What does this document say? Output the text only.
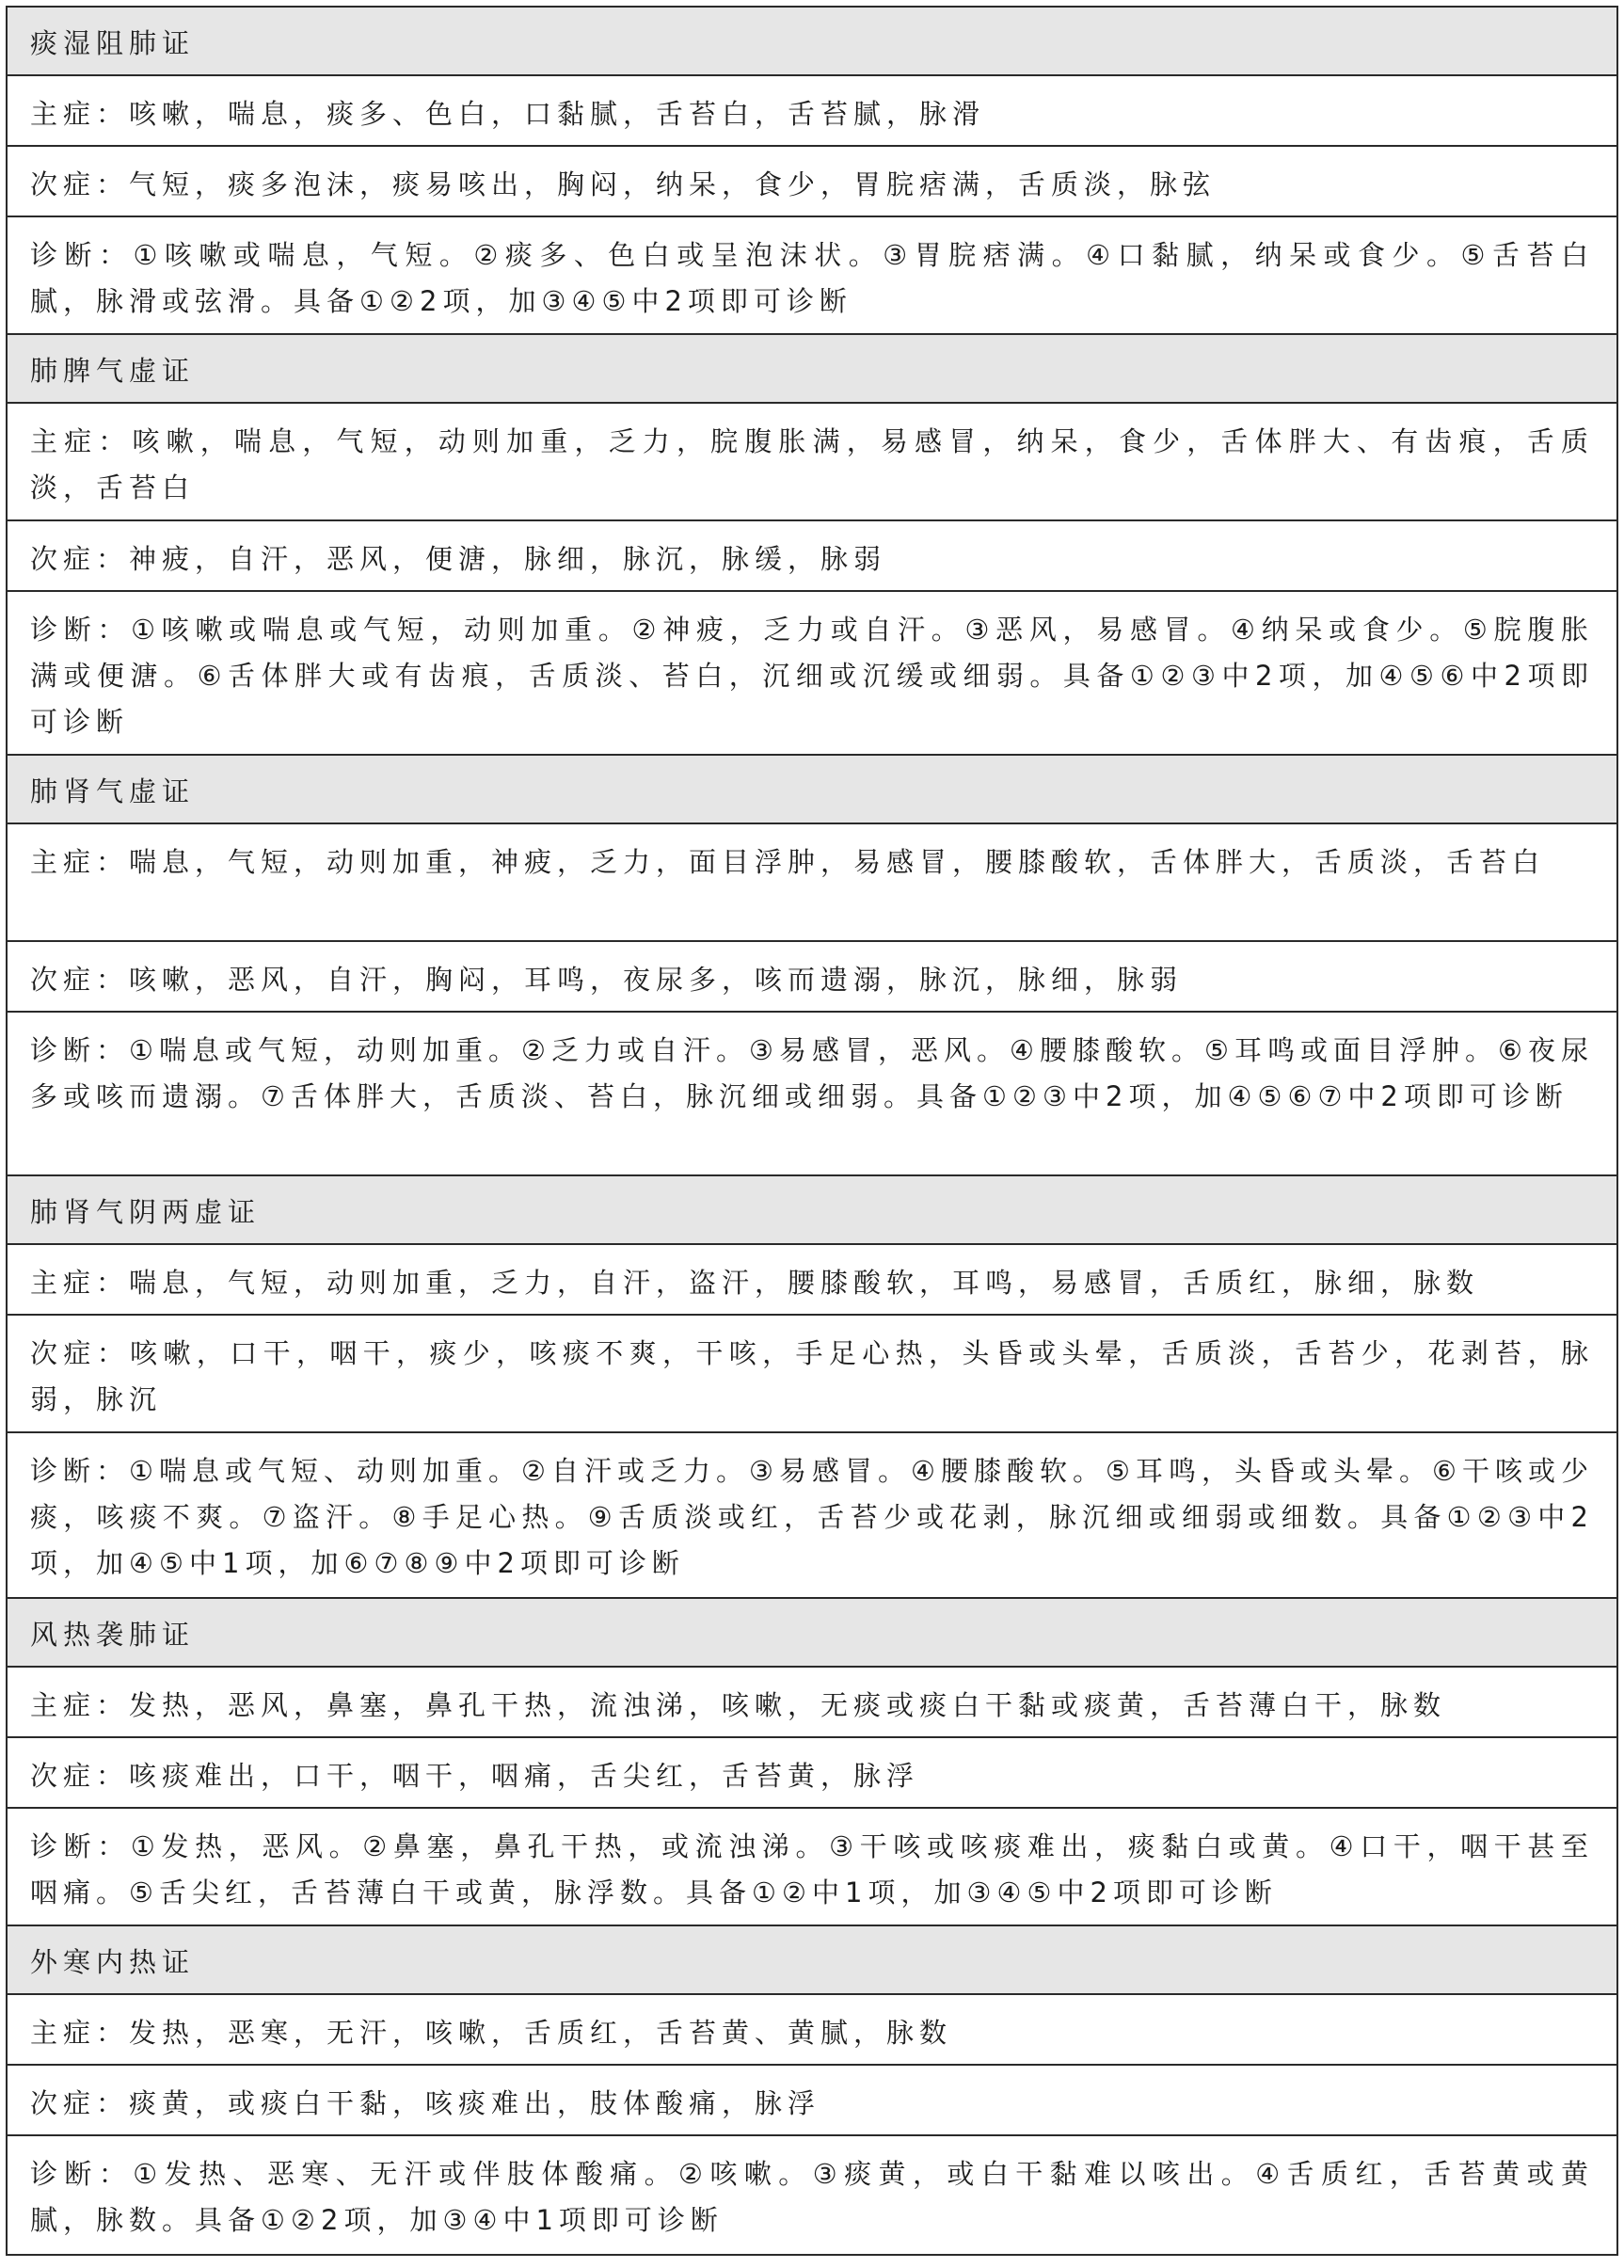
痰湿阻肺证
主症：咳嗽，喘息，痰多、色白，口黏腻，舌苔白，舌苔腻，脉滑
次症：气短，痰多泡沫，痰易咳出，胸闷，纳呆，食少，胃脘痞满，舌质淡，脉弦
诊断：①咳嗽或喘息，气短。②痰多、色白或呈泡沫状。③胃脘痞满。④口黏腻，纳呆或食少。⑤舌苔白腻，脉滑或弦滑。具备①②2项，加③④⑤中2项即可诊断
肺脾气虚证
主症：咳嗽，喘息，气短，动则加重，乏力，脘腹胀满，易感冒，纳呆，食少，舌体胖大、有齿痕，舌质淡，舌苔白
次症：神疲，自汗，恶风，便溏，脉细，脉沉，脉缓，脉弱
诊断：①咳嗽或喘息或气短，动则加重。②神疲，乏力或自汗。③恶风，易感冒。④纳呆或食少。⑤脘腹胀满或便溏。⑥舌体胖大或有齿痕，舌质淡、苔白，沉细或沉缓或细弱。具备①②③中2项，加④⑤⑥中2项即可诊断
肺肾气虚证
主症：喘息，气短，动则加重，神疲，乏力，面目浮肿，易感冒，腰膝酸软，舌体胖大，舌质淡，舌苔白
次症：咳嗽，恶风，自汗，胸闷，耳鸣，夜尿多，咳而遗溺，脉沉，脉细，脉弱
诊断：①喘息或气短，动则加重。②乏力或自汗。③易感冒，恶风。④腰膝酸软。⑤耳鸣或面目浮肿。⑥夜尿多或咳而遗溺。⑦舌体胖大，舌质淡、苔白，脉沉细或细弱。具备①②③中2项，加④⑤⑥⑦中2项即可诊断
肺肾气阴两虚证
主症：喘息，气短，动则加重，乏力，自汗，盗汗，腰膝酸软，耳鸣，易感冒，舌质红，脉细，脉数
次症：咳嗽，口干，咽干，痰少，咳痰不爽，干咳，手足心热，头昏或头晕，舌质淡，舌苔少，花剥苔，脉弱，脉沉
诊断：①喘息或气短、动则加重。②自汗或乏力。③易感冒。④腰膝酸软。⑤耳鸣，头昏或头晕。⑥干咳或少痰，咳痰不爽。⑦盗汗。⑧手足心热。⑨舌质淡或红，舌苔少或花剥，脉沉细或细弱或细数。具备①②③中2项，加④⑤中1项，加⑥⑦⑧⑨中2项即可诊断
风热袭肺证
主症：发热，恶风，鼻塞，鼻孔干热，流浊涕，咳嗽，无痰或痰白干黏或痰黄，舌苔薄白干，脉数
次症：咳痰难出，口干，咽干，咽痛，舌尖红，舌苔黄，脉浮
诊断：①发热，恶风。②鼻塞，鼻孔干热，或流浊涕。③干咳或咳痰难出，痰黏白或黄。④口干，咽干甚至咽痛。⑤舌尖红，舌苔薄白干或黄，脉浮数。具备①②中1项，加③④⑤中2项即可诊断
外寒内热证
主症：发热，恶寒，无汗，咳嗽，舌质红，舌苔黄、黄腻，脉数
次症：痰黄，或痰白干黏，咳痰难出，肢体酸痛，脉浮
诊断：①发热、恶寒、无汗或伴肢体酸痛。②咳嗽。③痰黄，或白干黏难以咳出。④舌质红，舌苔黄或黄腻，脉数。具备①②2项，加③④中1项即可诊断
